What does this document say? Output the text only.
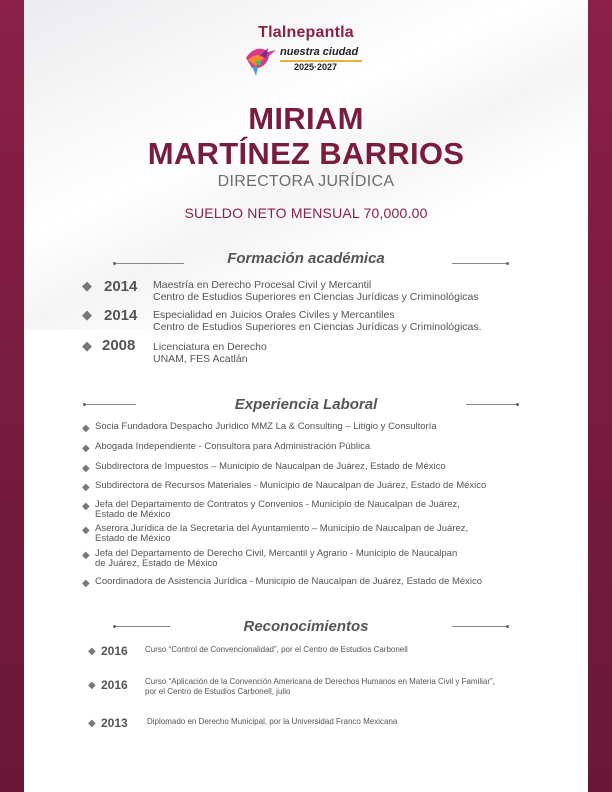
Tlalnepantla
nuestra ciudad
2025·2027
MIRIAM
MARTÍNEZ BARRIOS
DIRECTORA JURÍDICA
SUELDO NETO MENSUAL 70,000.00
Formación académica
◆ 2014 Maestría en Derecho Procesal Civil y Mercantil
Centro de Estudios Superiores en Ciencias Jurídicas y Criminológicas
◆ 2014 Especialidad en Juicios Orales Civiles y Mercantiles
Centro de Estudios Superiores en Ciencias Jurídicas y Criminológicas.
◆ 2008 Licenciatura en Derecho
UNAM, FES Acatlán
Experiencia Laboral
◆ Socia Fundadora Despacho Jurídico MMZ La & Consulting – Litigio y Consultoría
◆ Abogada Independiente - Consultora para Administración Pública
◆ Subdirectora de Impuestos – Municipio de Naucalpan de Juárez, Estado de México
◆ Subdirectora de Recursos Materiales - Municipio de Naucalpan de Juárez, Estado de México
◆ Jefa del Departamento de Contratos y Convenios - Municipio de Naucalpan de Juárez,
Estado de México
◆ Aserora Jurídica de la Secretaría del Ayuntamiento – Municipio de Naucalpan de Juárez,
Estado de México
◆ Jefa del Departamento de Derecho Civil, Mercantil y Agrario - Municipio de Naucalpan
de Juárez, Estado de México
◆ Coordinadora de Asistencia Jurídica - Municipio de Naucalpan de Juárez, Estado de México
Reconocimientos
◆ 2016 Curso “Control de Convencionalidad”, por el Centro de Estudios Carbonell
◆ 2016 Curso “Aplicación de la Convención Americana de Derechos Humanos en Materia Civil y Familiar”,
por el Centro de Estudios Carbonell, julio
◆ 2013 Diplomado en Derecho Municipal, por la Universidad Franco Mexicana
